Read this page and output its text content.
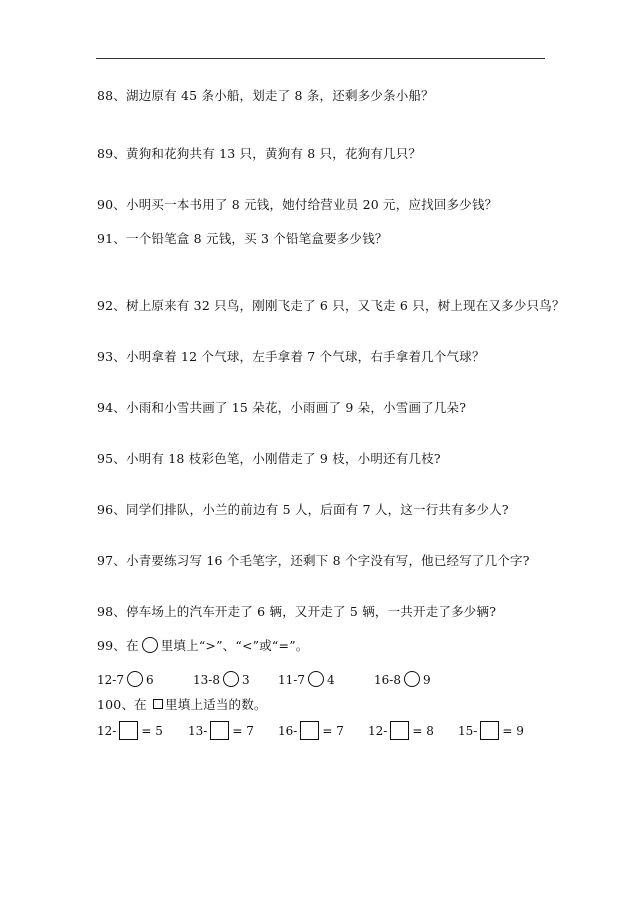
88、湖边原有 45 条小船，划走了 8 条，还剩多少条小船？
89、黄狗和花狗共有 13 只，黄狗有 8 只，花狗有几只？
90、小明买一本书用了 8 元钱，她付给营业员 20 元，应找回多少钱？
91、一个铅笔盒 8 元钱，买 3 个铅笔盒要多少钱？
92、树上原来有 32 只鸟，刚刚飞走了 6 只，又飞走 6 只，树上现在又多少只鸟？
93、小明拿着 12 个气球，左手拿着 7 个气球，右手拿着几个气球？
94、小雨和小雪共画了 15 朵花，小雨画了 9 朵，小雪画了几朵?
95、小明有 18 枝彩色笔，小刚借走了 9 枝，小明还有几枝?
96、同学们排队，小兰的前边有 5 人，后面有 7 人，这一行共有多少人?
97、小青要练习写 16 个毛笔字，还剩下 8 个字没有写，他已经写了几个字?
98、停车场上的汽车开走了 6 辆，又开走了 5 辆，一共开走了多少辆?
99、在 里填上“>”、“<”或“=”。
12-7 6	13-8 3 11-7 4	16-8 9
100、在 里填上适当的数。
12- = 5 13- = 7 16- = 7 12- = 8 15- = 9
